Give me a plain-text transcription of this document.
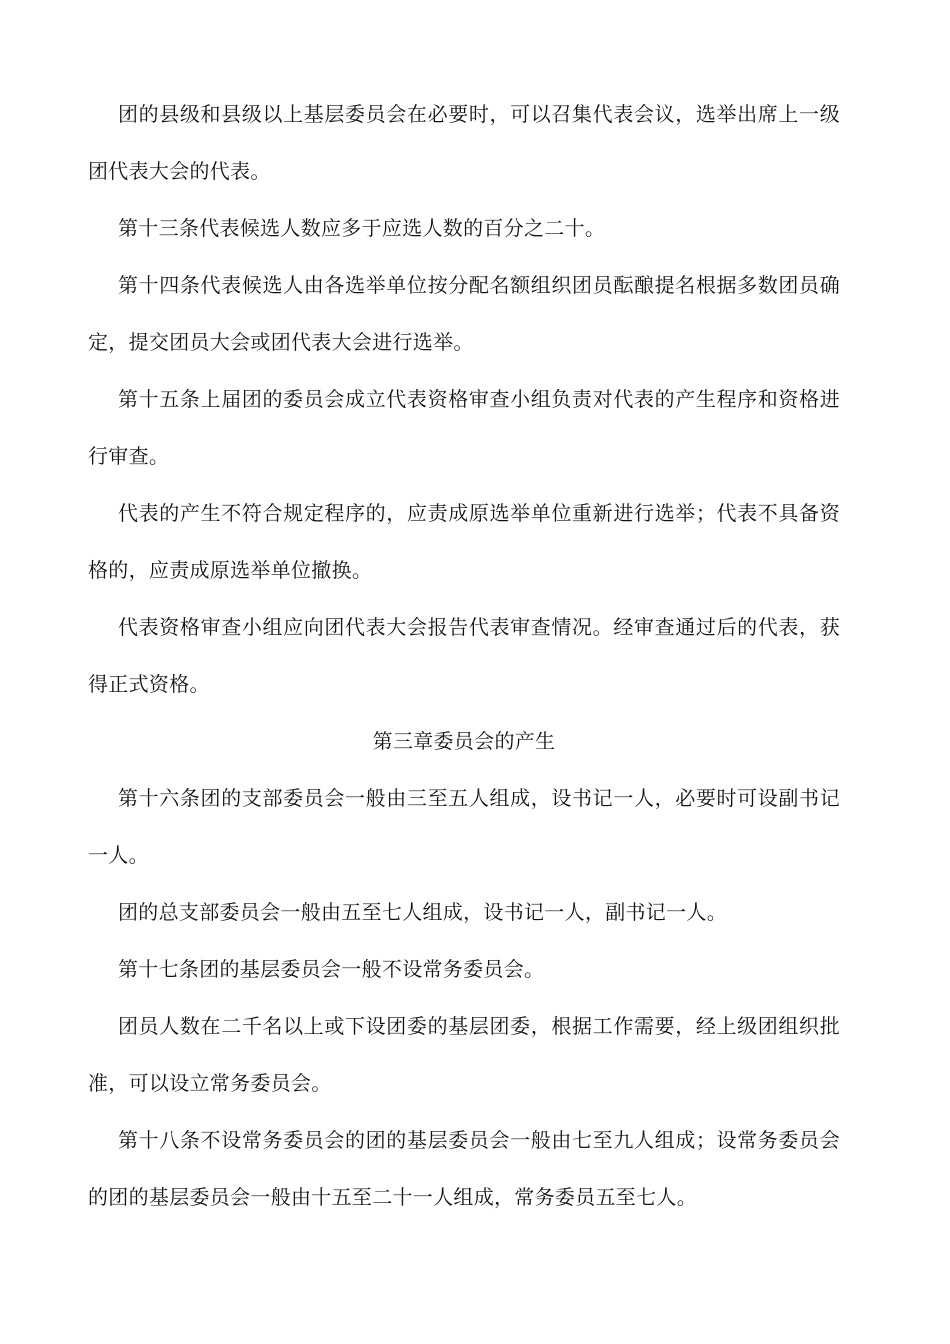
团的县级和县级以上基层委员会在必要时，可以召集代表会议，选举出席上一级团代表大会的代表。

第十三条代表候选人数应多于应选人数的百分之二十。

第十四条代表候选人由各选举单位按分配名额组织团员酝酿提名根据多数团员确定，提交团员大会或团代表大会进行选举。

第十五条上届团的委员会成立代表资格审查小组负责对代表的产生程序和资格进行审查。

代表的产生不符合规定程序的，应责成原选举单位重新进行选举；代表不具备资格的，应责成原选举单位撤换。

代表资格审查小组应向团代表大会报告代表审查情况。经审查通过后的代表，获得正式资格。

第三章委员会的产生

第十六条团的支部委员会一般由三至五人组成，设书记一人，必要时可设副书记一人。

团的总支部委员会一般由五至七人组成，设书记一人，副书记一人。

第十七条团的基层委员会一般不设常务委员会。

团员人数在二千名以上或下设团委的基层团委，根据工作需要，经上级团组织批准，可以设立常务委员会。

第十八条不设常务委员会的团的基层委员会一般由七至九人组成；设常务委员会的团的基层委员会一般由十五至二十一人组成，常务委员五至七人。
